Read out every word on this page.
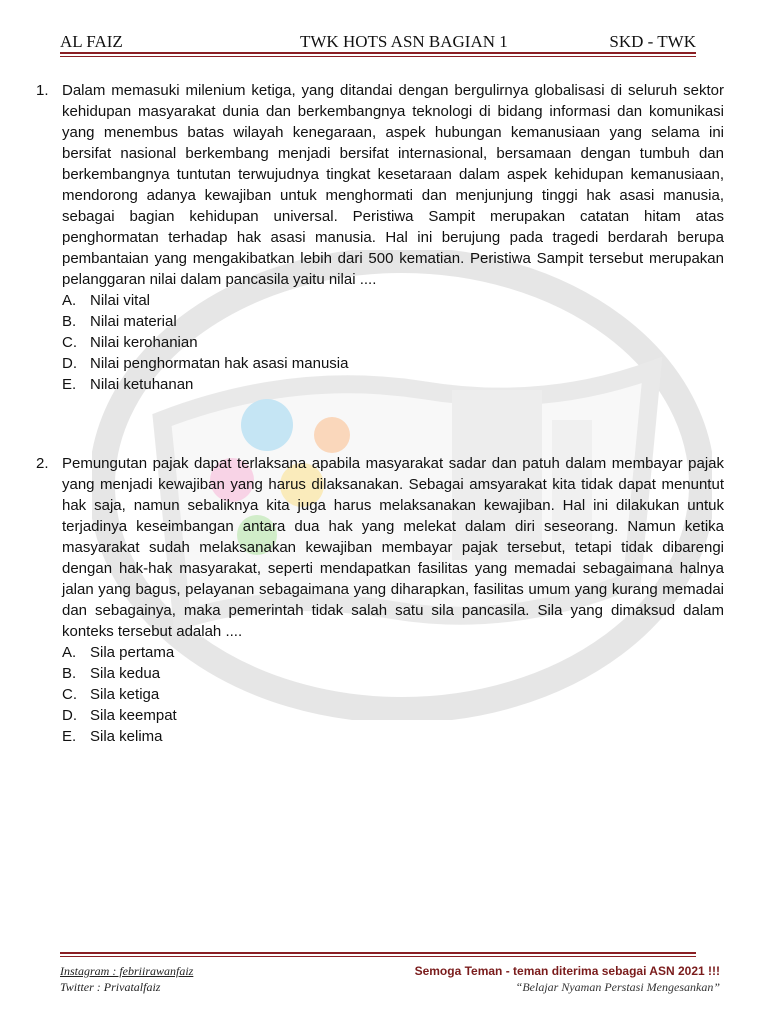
AL FAIZ	TWK HOTS ASN BAGIAN 1	SKD - TWK
1. Dalam memasuki milenium ketiga, yang ditandai dengan bergulirnya globalisasi di seluruh sektor kehidupan masyarakat dunia dan berkembangnya teknologi di bidang informasi dan komunikasi yang menembus batas wilayah kenegaraan, aspek hubungan kemanusiaan yang selama ini bersifat nasional berkembang menjadi bersifat internasional, bersamaan dengan tumbuh dan berkembangnya tuntutan terwujudnya tingkat kesetaraan dalam aspek kehidupan kemanusiaan, mendorong adanya kewajiban untuk menghormati dan menjunjung tinggi hak asasi manusia, sebagai bagian kehidupan universal. Peristiwa Sampit merupakan catatan hitam atas penghormatan terhadap hak asasi manusia. Hal ini berujung pada tragedi berdarah berupa pembantaian yang mengakibatkan lebih dari 500 kematian. Peristiwa Sampit tersebut merupakan pelanggaran nilai dalam pancasila yaitu nilai ....
A. Nilai vital
B. Nilai material
C. Nilai kerohanian
D. Nilai penghormatan hak asasi manusia
E. Nilai ketuhanan
2. Pemungutan pajak dapat terlaksana apabila masyarakat sadar dan patuh dalam membayar pajak yang menjadi kewajiban yang harus dilaksanakan. Sebagai amsyarakat kita tidak dapat menuntut hak saja, namun sebaliknya kita juga harus melaksanakan kewajiban. Hal ini dilakukan untuk terjadinya keseimbangan antara dua hak yang melekat dalam diri seseorang. Namun ketika masyarakat sudah melaksanakan kewajiban membayar pajak tersebut, tetapi tidak dibarengi dengan hak-hak masyarakat, seperti mendapatkan fasilitas yang memadai sebagaimana halnya jalan yang bagus, pelayanan sebagaimana yang diharapkan, fasilitas umum yang kurang memadai dan sebagainya, maka pemerintah tidak salah satu sila pancasila. Sila yang dimaksud dalam konteks tersebut adalah ....
A. Sila pertama
B. Sila kedua
C. Sila ketiga
D. Sila keempat
E. Sila kelima
Instagram : febriirawanfaiz
Twitter : Privatalfaiz
Semoga Teman - teman diterima sebagai ASN 2021 !!!
“Belajar Nyaman Perstasi Mengesankan”
